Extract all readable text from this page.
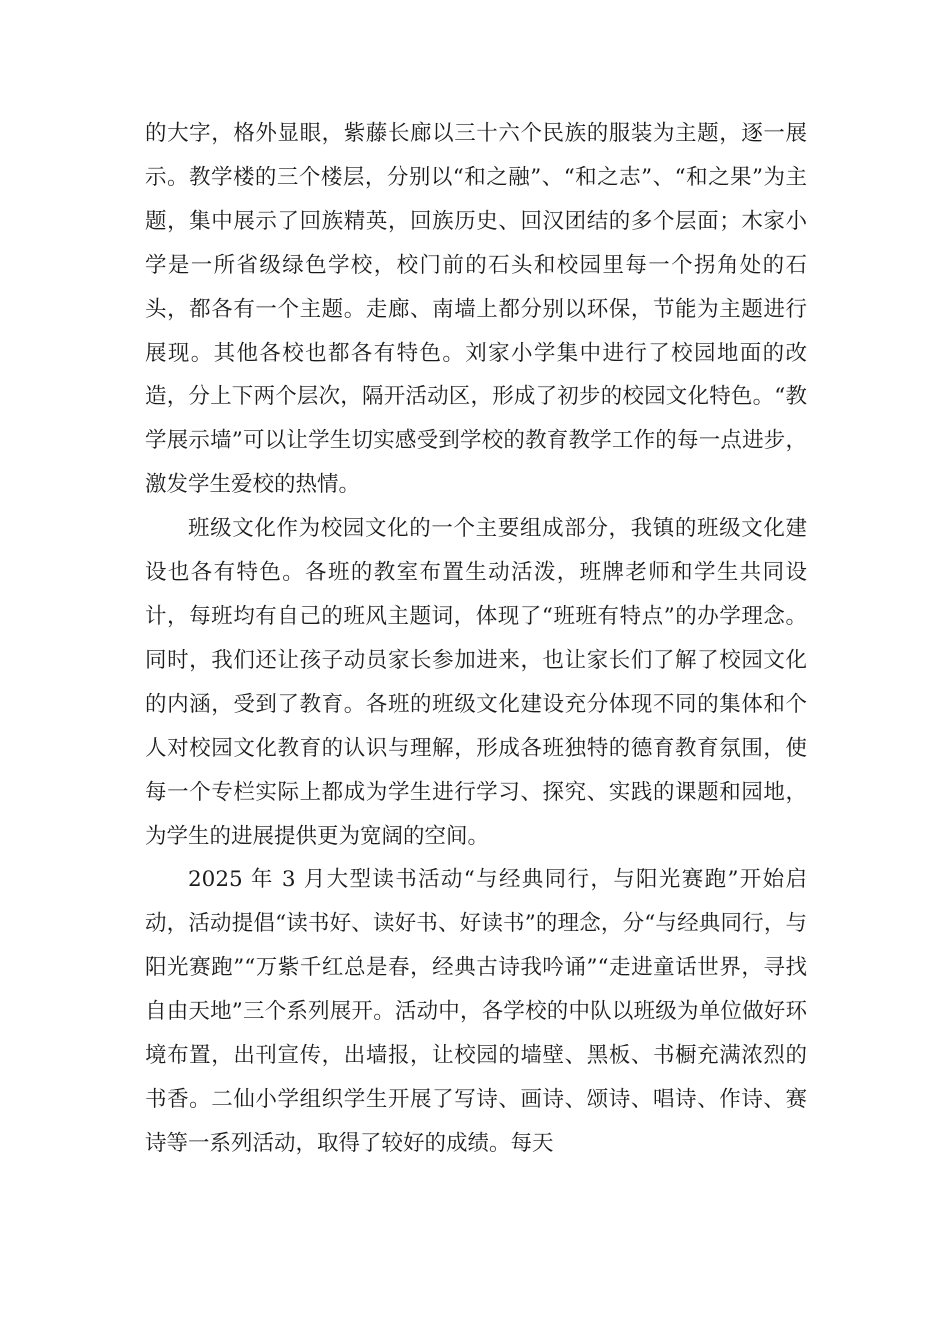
的大字，格外显眼，紫藤长廊以三十六个民族的服装为主题，逐一展示。教学楼的三个楼层，分别以“和之融”、“和之志”、“和之果”为主题，集中展示了回族精英，回族历史、回汉团结的多个层面；木家小学是一所省级绿色学校，校门前的石头和校园里每一个拐角处的石头，都各有一个主题。走廊、南墙上都分别以环保，节能为主题进行展现。其他各校也都各有特色。刘家小学集中进行了校园地面的改造，分上下两个层次，隔开活动区，形成了初步的校园文化特色。“教学展示墙”可以让学生切实感受到学校的教育教学工作的每一点进步，激发学生爱校的热情。

班级文化作为校园文化的一个主要组成部分，我镇的班级文化建设也各有特色。各班的教室布置生动活泼，班牌老师和学生共同设计，每班均有自己的班风主题词，体现了“班班有特点”的办学理念。同时，我们还让孩子动员家长参加进来，也让家长们了解了校园文化的内涵，受到了教育。各班的班级文化建设充分体现不同的集体和个人对校园文化教育的认识与理解，形成各班独特的德育教育氛围，使每一个专栏实际上都成为学生进行学习、探究、实践的课题和园地，为学生的进展提供更为宽阔的空间。

2025 年 3 月大型读书活动“与经典同行，与阳光赛跑”开始启动，活动提倡“读书好、读好书、好读书”的理念，分“与经典同行，与阳光赛跑”“万紫千红总是春，经典古诗我吟诵”“走进童话世界，寻找自由天地”三个系列展开。活动中，各学校的中队以班级为单位做好环境布置，出刊宣传，出墙报，让校园的墙壁、黑板、书橱充满浓烈的书香。二仙小学组织学生开展了写诗、画诗、颂诗、唱诗、作诗、赛诗等一系列活动，取得了较好的成绩。每天
